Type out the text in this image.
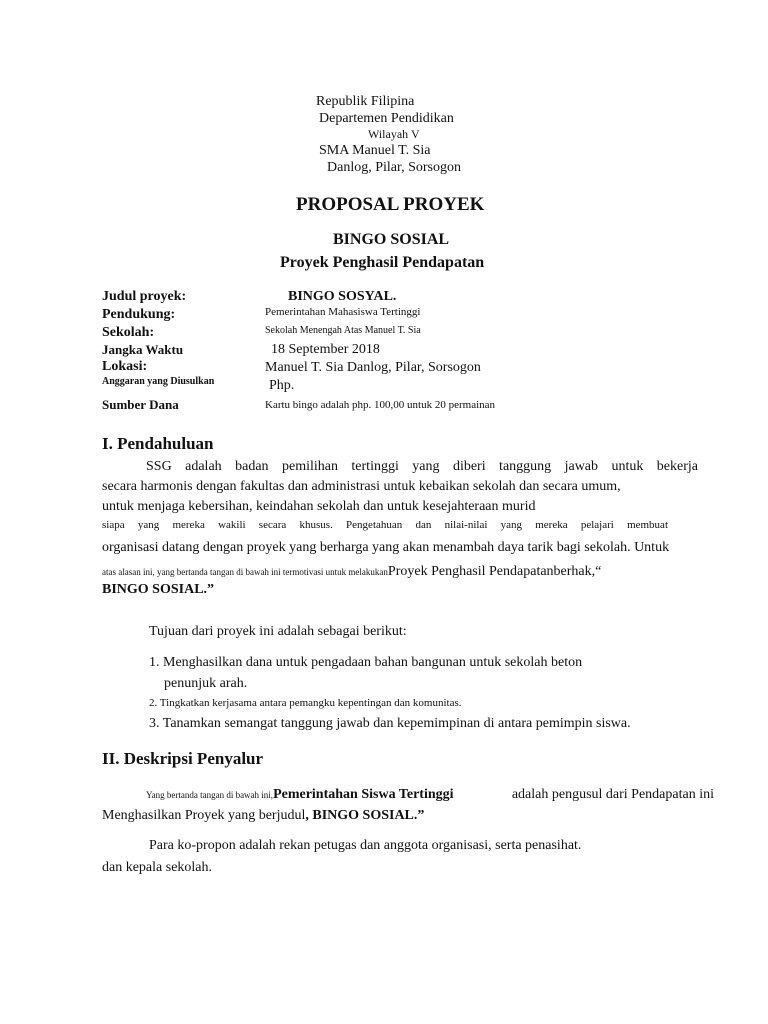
Republik Filipina
Departemen Pendidikan
Wilayah V
SMA Manuel T. Sia
Danlog, Pilar, Sorsogon
PROPOSAL PROYEK
BINGO SOSIAL
Proyek Penghasil Pendapatan
Judul proyek:	BINGO SOSYAL.
Pendukung:	Pemerintahan Mahasiswa Tertinggi
Sekolah:	Sekolah Menengah Atas Manuel T. Sia
Jangka Waktu	18 September 2018
Lokasi:	Manuel T. Sia Danlog, Pilar, Sorsogon
Anggaran yang Diusulkan	Php.
Sumber Dana	Kartu bingo adalah php. 100,00 untuk 20 permainan
I. Pendahuluan
SSG adalah badan pemilihan tertinggi yang diberi tanggung jawab untuk bekerja
secara harmonis dengan fakultas dan administrasi untuk kebaikan sekolah dan secara umum,
untuk menjaga kebersihan, keindahan sekolah dan untuk kesejahteraan murid
siapa yang mereka wakili secara khusus. Pengetahuan dan nilai-nilai yang mereka pelajari membuat
organisasi datang dengan proyek yang berharga yang akan menambah daya tarik bagi sekolah. Untuk
atas alasan ini, yang bertanda tangan di bawah ini termotivasi untuk melakukanProyek Penghasil Pendapatanberhak,“
BINGO SOSIAL.”
Tujuan dari proyek ini adalah sebagai berikut:
1. Menghasilkan dana untuk pengadaan bahan bangunan untuk sekolah beton
penunjuk arah.
2. Tingkatkan kerjasama antara pemangku kepentingan dan komunitas.
3. Tanamkan semangat tanggung jawab dan kepemimpinan di antara pemimpin siswa.
II. Deskripsi Penyalur
Yang bertanda tangan di bawah ini,Pemerintahan Siswa Tertinggi	adalah pengusul dari Pendapatan ini
Menghasilkan Proyek yang berjudul, BINGO SOSIAL.”
Para ko-propon adalah rekan petugas dan anggota organisasi, serta penasihat.
dan kepala sekolah.
